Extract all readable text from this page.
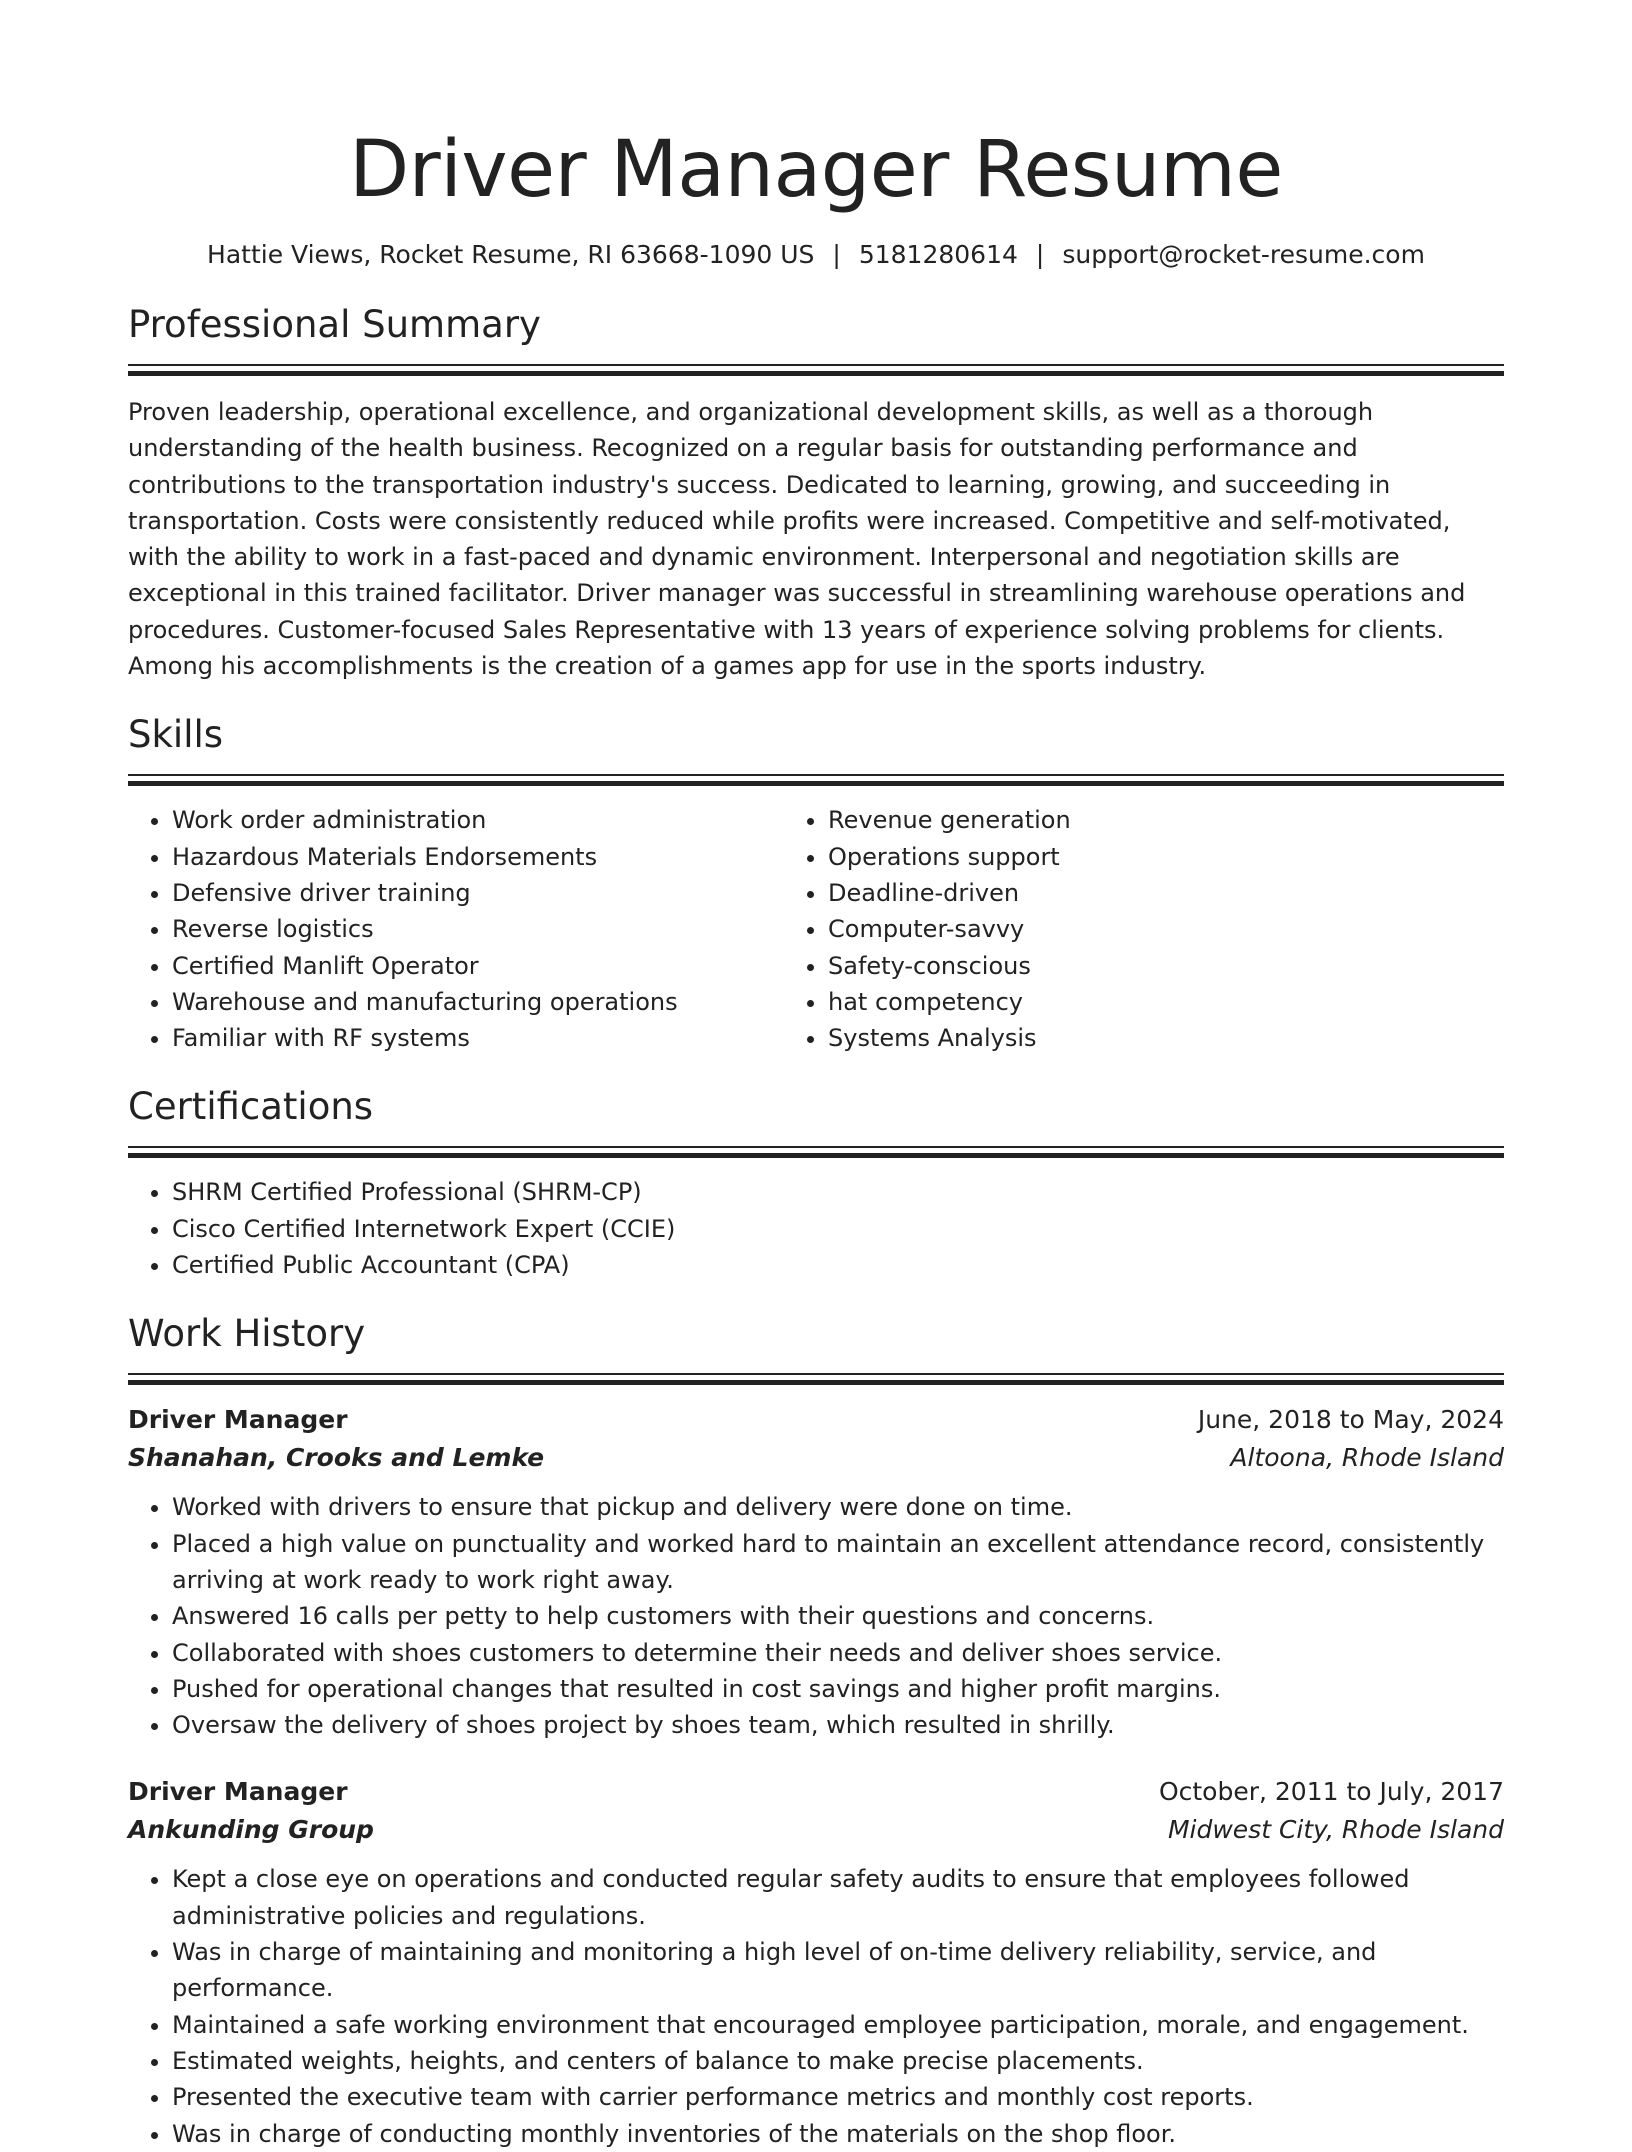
Driver Manager Resume
Hattie Views, Rocket Resume, RI 63668-1090 US | 5181280614 | support@rocket-resume.com
Professional Summary

Proven leadership, operational excellence, and organizational development skills, as well as a thorough understanding of the health business. Recognized on a regular basis for outstanding performance and contributions to the transportation industry's success. Dedicated to learning, growing, and succeeding in transportation. Costs were consistently reduced while profits were increased. Competitive and self-motivated, with the ability to work in a fast-paced and dynamic environment. Interpersonal and negotiation skills are exceptional in this trained facilitator. Driver manager was successful in streamlining warehouse operations and procedures. Customer-focused Sales Representative with 13 years of experience solving problems for clients. Among his accomplishments is the creation of a games app for use in the sports industry.

Skills
• Work order administration
• Hazardous Materials Endorsements
• Defensive driver training
• Reverse logistics
• Certified Manlift Operator
• Warehouse and manufacturing operations
• Familiar with RF systems
• Revenue generation
• Operations support
• Deadline-driven
• Computer-savvy
• Safety-conscious
• hat competency
• Systems Analysis
Certifications
• SHRM Certified Professional (SHRM-CP)
• Cisco Certified Internetwork Expert (CCIE)
• Certified Public Accountant (CPA)
Work History
Driver Manager	June, 2018 to May, 2024
Shanahan, Crooks and Lemke	Altoona, Rhode Island
• Worked with drivers to ensure that pickup and delivery were done on time.
• Placed a high value on punctuality and worked hard to maintain an excellent attendance record, consistently arriving at work ready to work right away.
• Answered 16 calls per petty to help customers with their questions and concerns.
• Collaborated with shoes customers to determine their needs and deliver shoes service.
• Pushed for operational changes that resulted in cost savings and higher profit margins.
• Oversaw the delivery of shoes project by shoes team, which resulted in shrilly.
Driver Manager	October, 2011 to July, 2017
Ankunding Group	Midwest City, Rhode Island
• Kept a close eye on operations and conducted regular safety audits to ensure that employees followed administrative policies and regulations.
• Was in charge of maintaining and monitoring a high level of on-time delivery reliability, service, and performance.
• Maintained a safe working environment that encouraged employee participation, morale, and engagement.
• Estimated weights, heights, and centers of balance to make precise placements.
• Presented the executive team with carrier performance metrics and monthly cost reports.
• Was in charge of conducting monthly inventories of the materials on the shop floor.
